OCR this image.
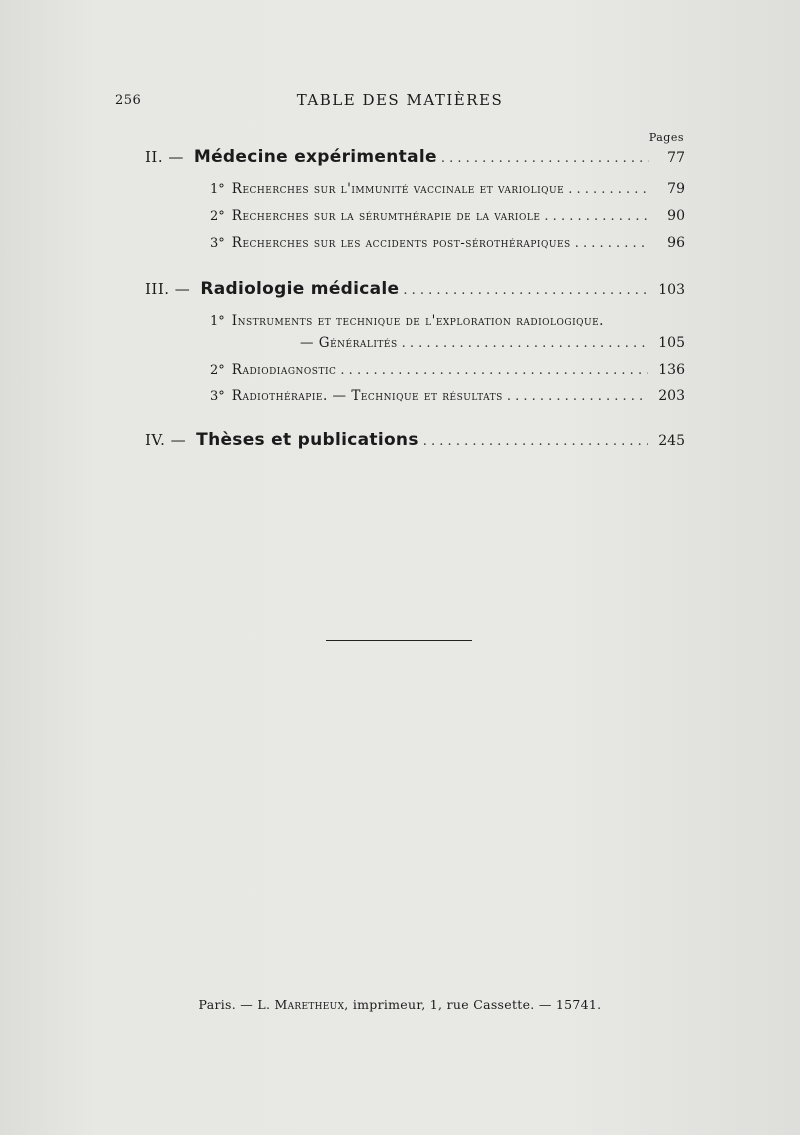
256	TABLE DES MATIÈRES
Pages
II. — Médecine expérimentale . . .	77
1° Recherches sur l'immunité vaccinale et variolique . . .	79
2° Recherches sur la sérumthérapie de la variole . . .	90
3° Recherches sur les accidents post-sérothérapiques . . .	96
III. — Radiologie médicale . . .	103
1° Instruments et technique de l'exploration radiologique.
— Généralités . . .	105
2° Radiodiagnostic . . .	136
3° Radiothérapie. — Technique et résultats . . .	203
IV. — Thèses et publications . . .	245
Paris. — L. Maretheux, imprimeur, 1, rue Cassette. — 15741.
